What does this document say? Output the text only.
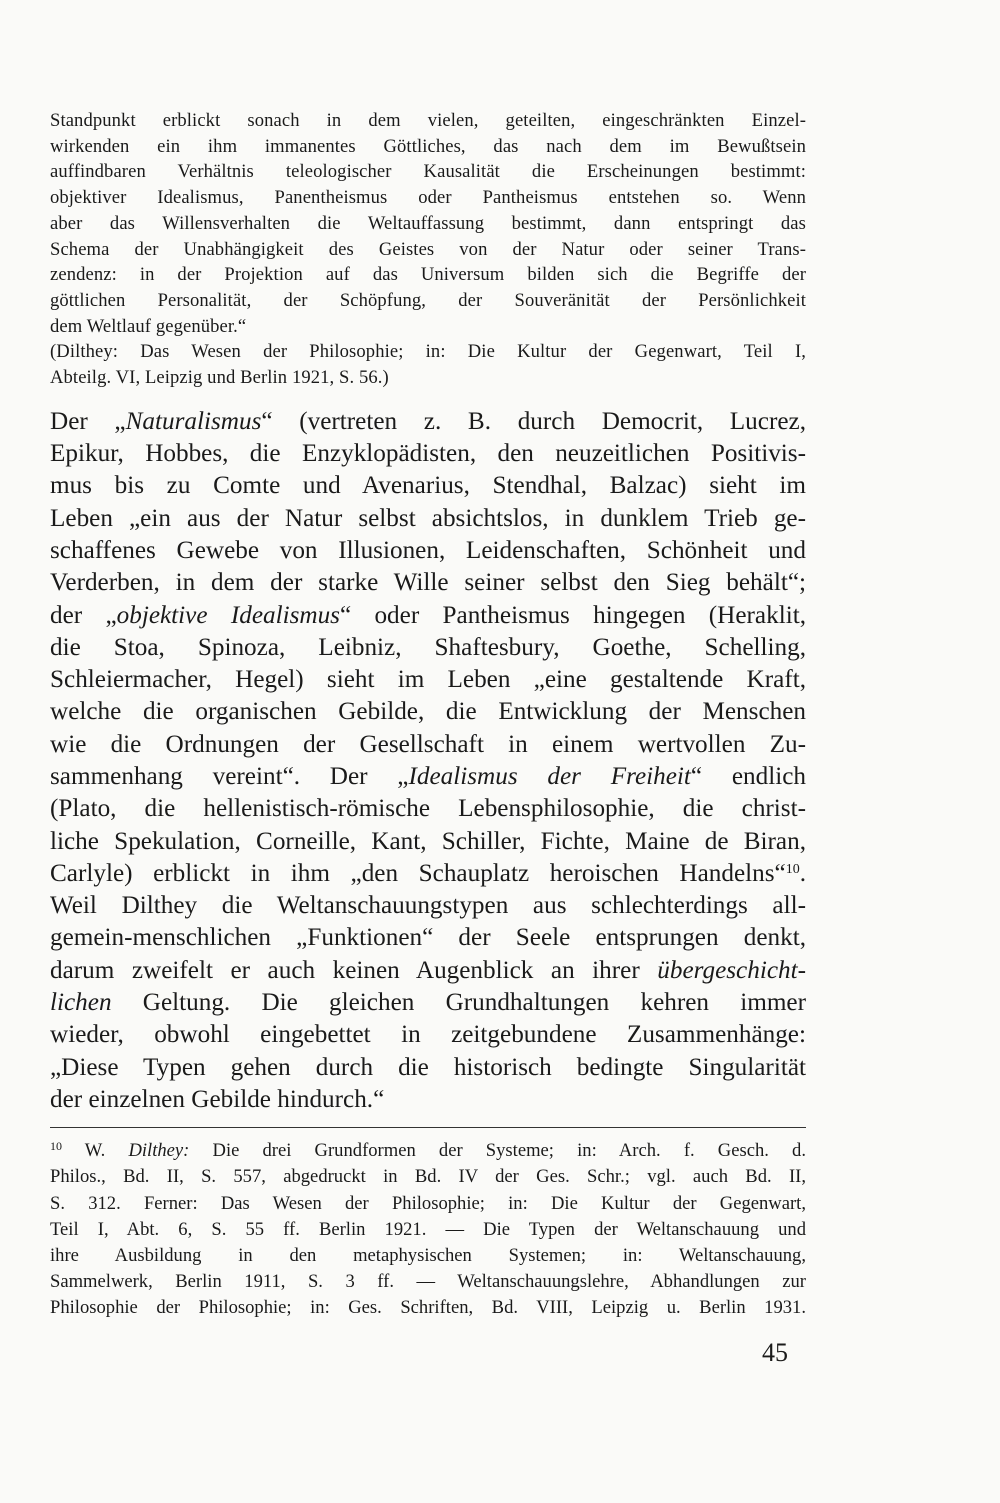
Standpunkt erblickt sonach in dem vielen, geteilten, eingeschränkten Einzel-
wirkenden ein ihm immanentes Göttliches, das nach dem im Bewußtsein
auffindbaren Verhältnis teleologischer Kausalität die Erscheinungen bestimmt:
objektiver Idealismus, Panentheismus oder Pantheismus entstehen so. Wenn
aber das Willensverhalten die Weltauffassung bestimmt, dann entspringt das
Schema der Unabhängigkeit des Geistes von der Natur oder seiner Trans-
zendenz: in der Projektion auf das Universum bilden sich die Begriffe der
göttlichen Personalität, der Schöpfung, der Souveränität der Persönlichkeit
dem Weltlauf gegenüber.“
(Dilthey: Das Wesen der Philosophie; in: Die Kultur der Gegenwart, Teil I,
Abteilg. VI, Leipzig und Berlin 1921, S. 56.)
Der „Naturalismus“ (vertreten z. B. durch Democrit, Lucrez,
Epikur, Hobbes, die Enzyklopädisten, den neuzeitlichen Positivis-
mus bis zu Comte und Avenarius, Stendhal, Balzac) sieht im
Leben „ein aus der Natur selbst absichtslos, in dunklem Trieb ge-
schaffenes Gewebe von Illusionen, Leidenschaften, Schönheit und
Verderben, in dem der starke Wille seiner selbst den Sieg behält“;
der „objektive Idealismus“ oder Pantheismus hingegen (Heraklit,
die Stoa, Spinoza, Leibniz, Shaftesbury, Goethe, Schelling,
Schleiermacher, Hegel) sieht im Leben „eine gestaltende Kraft,
welche die organischen Gebilde, die Entwicklung der Menschen
wie die Ordnungen der Gesellschaft in einem wertvollen Zu-
sammenhang vereint“. Der „Idealismus der Freiheit“ endlich
(Plato, die hellenistisch-römische Lebensphilosophie, die christ-
liche Spekulation, Corneille, Kant, Schiller, Fichte, Maine de Biran,
Carlyle) erblickt in ihm „den Schauplatz heroischen Handelns“$^{10}$.
Weil Dilthey die Weltanschauungstypen aus schlechterdings all-
gemein-menschlichen „Funktionen“ der Seele entsprungen denkt,
darum zweifelt er auch keinen Augenblick an ihrer übergeschicht-
lichen Geltung. Die gleichen Grundhaltungen kehren immer
wieder, obwohl eingebettet in zeitgebundene Zusammenhänge:
„Diese Typen gehen durch die historisch bedingte Singularität
der einzelnen Gebilde hindurch.“
$^{10}$ W. Dilthey: Die drei Grundformen der Systeme; in: Arch. f. Gesch. d.
Philos., Bd. II, S. 557, abgedruckt in Bd. IV der Ges. Schr.; vgl. auch Bd. II,
S. 312. Ferner: Das Wesen der Philosophie; in: Die Kultur der Gegenwart,
Teil I, Abt. 6, S. 55 ff. Berlin 1921. — Die Typen der Weltanschauung und
ihre Ausbildung in den metaphysischen Systemen; in: Weltanschauung,
Sammelwerk, Berlin 1911, S. 3 ff. — Weltanschauungslehre, Abhandlungen zur
Philosophie der Philosophie; in: Ges. Schriften, Bd. VIII, Leipzig u. Berlin 1931.
45
